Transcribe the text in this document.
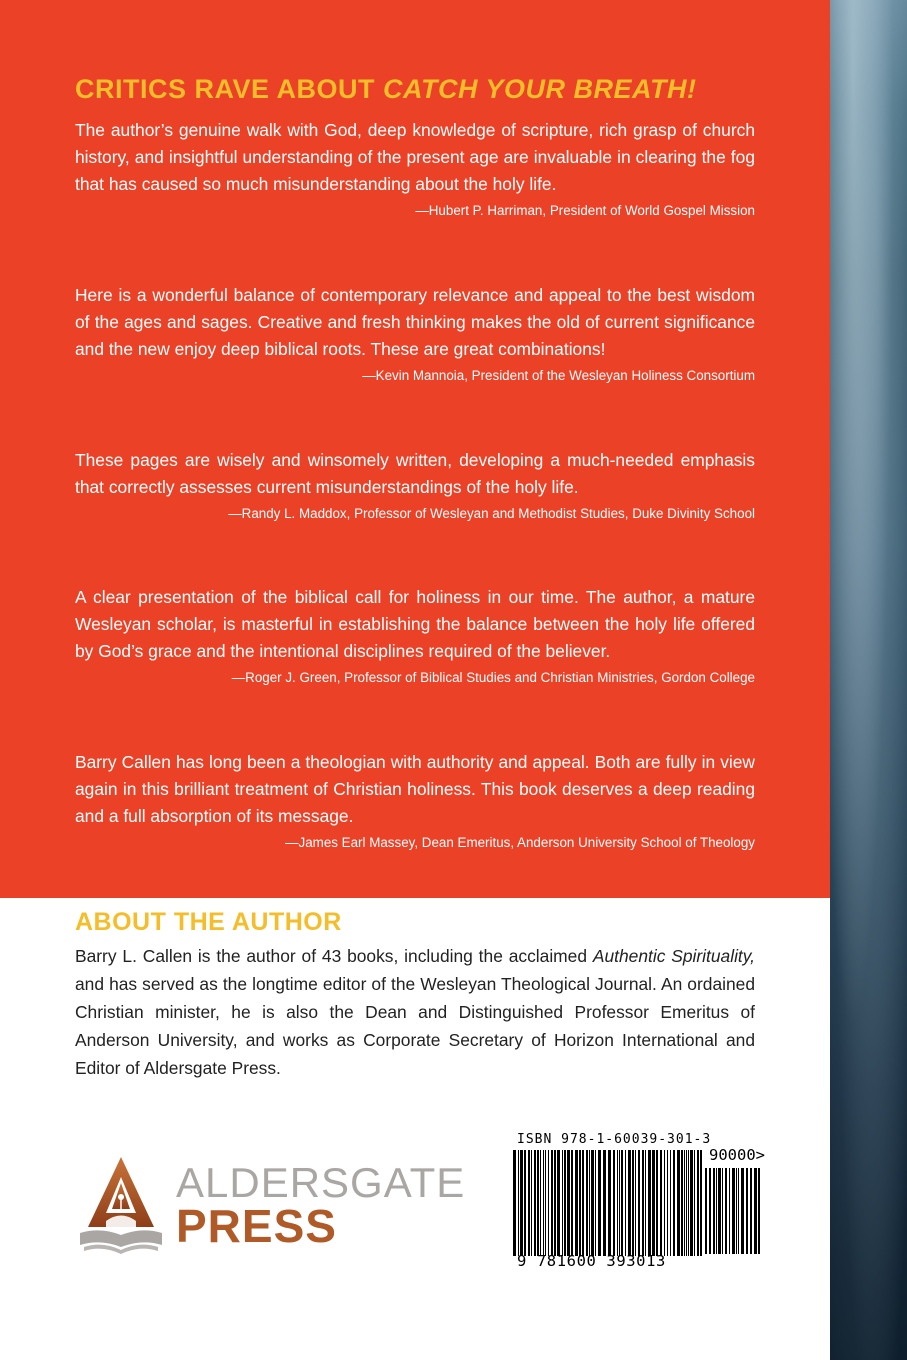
CRITICS RAVE ABOUT CATCH YOUR BREATH!

The author’s genuine walk with God, deep knowledge of scripture, rich grasp of church history, and insightful understanding of the present age are invaluable in clearing the fog that has caused so much misunderstanding about the holy life.

—Hubert P. Harriman, President of World Gospel Mission

Here is a wonderful balance of contemporary relevance and appeal to the best wisdom of the ages and sages. Creative and fresh thinking makes the old of current significance and the new enjoy deep biblical roots. These are great combinations!

—Kevin Mannoia, President of the Wesleyan Holiness Consortium

These pages are wisely and winsomely written, developing a much-needed emphasis that correctly assesses current misunderstandings of the holy life.

—Randy L. Maddox, Professor of Wesleyan and Methodist Studies, Duke Divinity School

A clear presentation of the biblical call for holiness in our time. The author, a mature Wesleyan scholar, is masterful in establishing the balance between the holy life offered by God’s grace and the intentional disciplines required of the believer.

—Roger J. Green, Professor of Biblical Studies and Christian Ministries, Gordon College

Barry Callen has long been a theologian with authority and appeal. Both are fully in view again in this brilliant treatment of Christian holiness. This book deserves a deep reading and a full absorption of its message.

—James Earl Massey, Dean Emeritus, Anderson University School of Theology
ABOUT THE AUTHOR

Barry L. Callen is the author of 43 books, including the acclaimed Authentic Spirituality, and has served as the longtime editor of the Wesleyan Theological Journal. An ordained Christian minister, he is also the Dean and Distinguished Professor Emeritus of Anderson University, and works as Corporate Secretary of Horizon International and Editor of Aldersgate Press.

ALDERSGATE
PRESS
ISBN 978-1-60039-301-3
90000>
9 781600 393013
